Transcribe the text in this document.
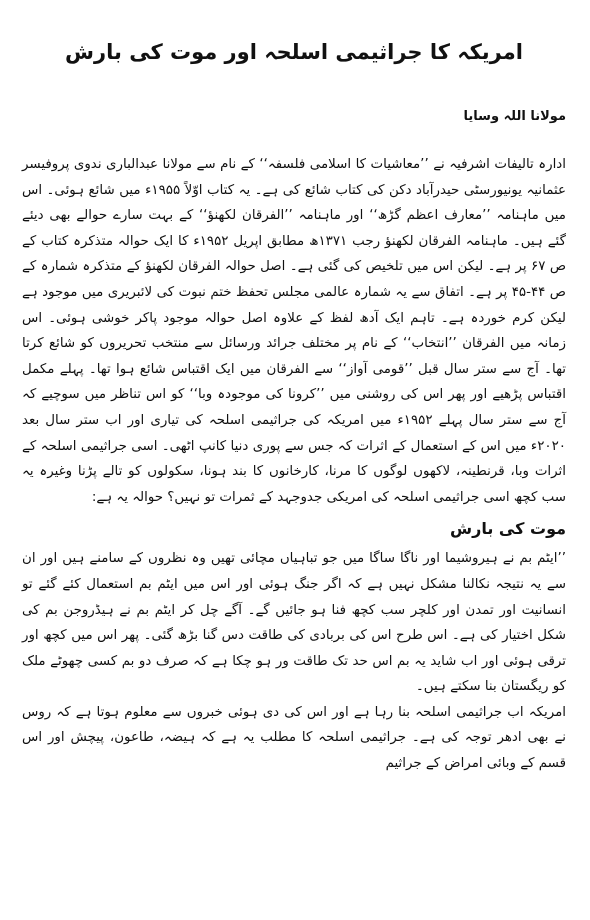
امریکہ کا جراثیمی اسلحہ اور موت کی بارش
مولانا اللہ وسایا

ادارہ تالیفات اشرفیہ نے ’’معاشیات کا اسلامی فلسفہ‘‘ کے نام سے مولانا عبدالباری ندوی پروفیسر عثمانیہ یونیورسٹی حیدرآباد دکن کی کتاب شائع کی ہے۔ یہ کتاب اوّلاً ۱۹۵۵ء میں شائع ہوئی۔ اس میں ماہنامہ ’’معارف اعظم گڑھ‘‘ اور ماہنامہ ’’الفرقان لکھنؤ‘‘ کے بہت سارے حوالے بھی دیئے گئے ہیں۔ ماہنامہ الفرقان لکھنؤ رجب ۱۳۷۱ھ مطابق اپریل ۱۹۵۲ء کا ایک حوالہ متذکرہ کتاب کے ص ۶۷ پر ہے۔ لیکن اس میں تلخیص کی گئی ہے۔ اصل حوالہ الفرقان لکھنؤ کے متذکرہ شمارہ کے ص ۴۴-۴۵ پر ہے۔ اتفاق سے یہ شمارہ عالمی مجلس تحفظ ختم نبوت کی لائبریری میں موجود ہے لیکن کرم خوردہ ہے۔ تاہم ایک آدھ لفظ کے علاوہ اصل حوالہ موجود پاکر خوشی ہوئی۔ اس زمانہ میں الفرقان ’’انتخاب‘‘ کے نام پر مختلف جرائد ورسائل سے منتخب تحریروں کو شائع کرتا تھا۔ آج سے ستر سال قبل ’’قومی آواز‘‘ سے الفرقان میں ایک اقتباس شائع ہوا تھا۔ پہلے مکمل اقتباس پڑھیے اور پھر اس کی روشنی میں ’’کرونا کی موجودہ وبا‘‘ کو اس تناظر میں سوچیے کہ آج سے ستر سال پہلے ۱۹۵۲ء میں امریکہ کی جراثیمی اسلحہ کی تیاری اور اب ستر سال بعد ۲۰۲۰ء میں اس کے استعمال کے اثرات کہ جس سے پوری دنیا کانپ اٹھی۔ اسی جراثیمی اسلحہ کے اثرات وبا، قرنطینہ، لاکھوں لوگوں کا مرنا، کارخانوں کا بند ہونا، سکولوں کو تالے پڑنا وغیرہ یہ سب کچھ اسی جراثیمی اسلحہ کی امریکی جدوجہد کے ثمرات تو نہیں؟ حوالہ یہ ہے:

موت کی بارش

’’ایٹم بم نے ہیروشیما اور ناگا ساگا میں جو تباہیاں مچائی تھیں وہ نظروں کے سامنے ہیں اور ان سے یہ نتیجہ نکالنا مشکل نہیں ہے کہ اگر جنگ ہوئی اور اس میں ایٹم بم استعمال کئے گئے تو انسانیت اور تمدن اور کلچر سب کچھ فنا ہو جائیں گے۔ آگے چل کر ایٹم بم نے ہیڈروجن بم کی شکل اختیار کی ہے۔ اس طرح اس کی بربادی کی طاقت دس گنا بڑھ گئی۔ پھر اس میں کچھ اور ترقی ہوئی اور اب شاید یہ بم اس حد تک طاقت ور ہو چکا ہے کہ صرف دو بم کسی چھوٹے ملک کو ریگستان بنا سکتے ہیں۔

امریکہ اب جراثیمی اسلحہ بنا رہا ہے اور اس کی دی ہوئی خبروں سے معلوم ہوتا ہے کہ روس نے بھی ادھر توجہ کی ہے۔ جراثیمی اسلحہ کا مطلب یہ ہے کہ ہیضہ، طاعون، پیچش اور اس قسم کے وبائی امراض کے جراثیم
